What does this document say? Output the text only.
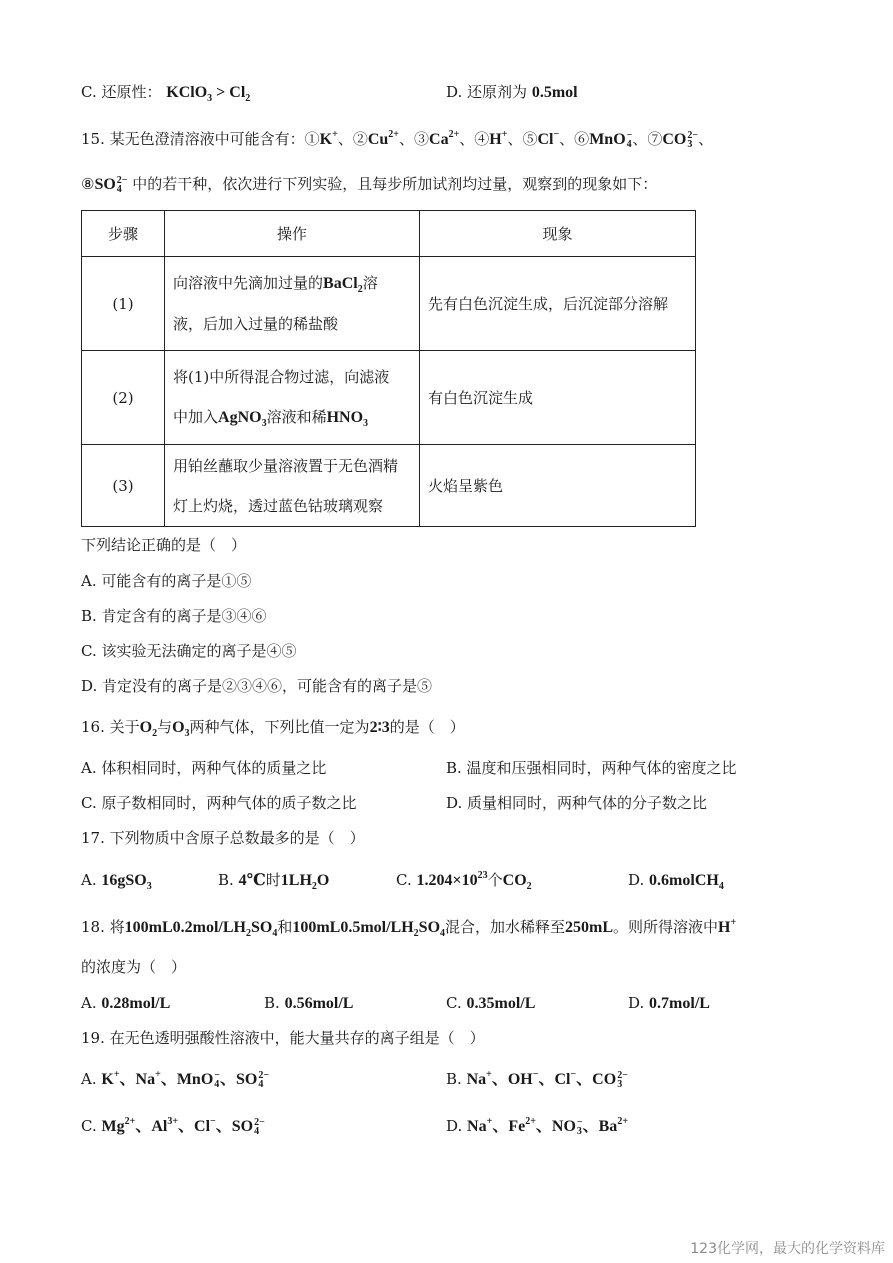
C. 还原性： KClO$_3$ > $Cl_2$	D. 还原剂为 0.5mol
15. 某无色澄清溶液中可能含有：①K+、$②Cu^{2+}$、$③Ca^{2+}$、④H+、⑤Cl−、⑥MnO −
4 、⑦CO 2−
3 、
⑧SO 2−
4 中的若干种，依次进行下列实验，且每步所加试剂均过量，观察到的现象如下：
步骤	操作	现象
(1)	向溶液中先滴加过量的BaCl$_2$溶
液，后加入过量的稀盐酸	先有白色沉淀生成，后沉淀部分溶解
(2)	将(1)中所得混合物过滤，向滤液
中加入AgNO$_3$溶液和稀$HNO_3$	有白色沉淀生成
(3)	用铂丝蘸取少量溶液置于无色酒精
灯上灼烧，透过蓝色钴玻璃观察	火焰呈紫色
下列结论正确的是（　）
A. 可能含有的离子是①⑤
B. 肯定含有的离子是③④⑥
C. 该实验无法确定的离子是④⑤
D. 肯定没有的离子是②③④⑥，可能含有的离子是⑤
16. 关于$O_2$与$O_3$两种气体，下列比值一定为2∶3的是（　）
A. 体积相同时，两种气体的质量之比	B. 温度和压强相同时，两种气体的密度之比
C. 原子数相同时，两种气体的质子数之比	D. 质量相同时，两种气体的分子数之比
17. 下列物质中含原子总数最多的是（　）
A. 16gSO$_3$	B. 4℃时$1LH_2O$	C. $1.204\times 10^{23}$个$CO_2$	D. 0.6molCH$_4$
18. 将$100mL0.2mol/LH_2SO_4$和$100mL0.5mol/LH_2SO_4$混合，加水稀释至250mL。则所得溶液中H+
的浓度为（　）
A. 0.28mol/L	B. 0.56mol/L	C. 0.35mol/L	D. 0.7mol/L
19. 在无色透明强酸性溶液中，能大量共存的离子组是（　）
A. K+、Na+、MnO −
4 、SO 2−
4	B. Na+、OH−、Cl−、CO 2−
3
C. $Mg^{2+}$、$Al^{3+}$、Cl−、SO 2−
4	D. Na+、$Fe^{2+}$、NO −
3 、$Ba^{2+}$
123化学网，最大的化学资料库
